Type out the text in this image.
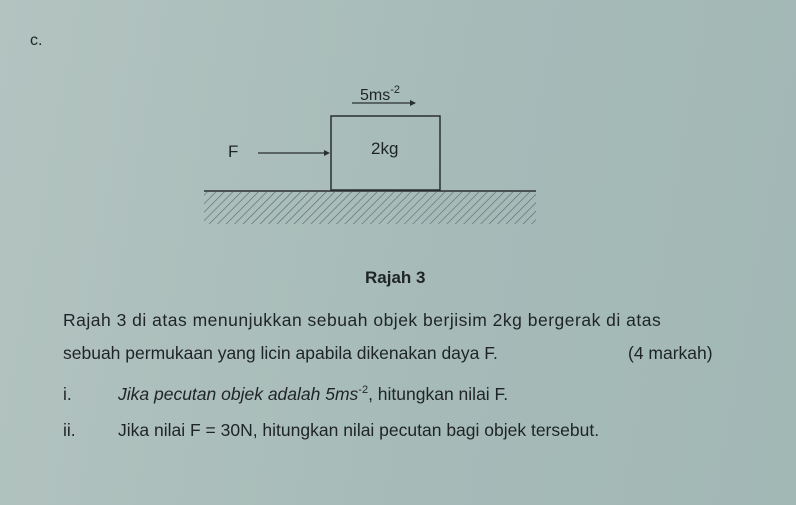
c.
$5ms^{-2}$
F	2kg
Rajah 3
Rajah 3 di atas menunjukkan sebuah objek berjisim 2kg bergerak di atas
sebuah permukaan yang licin apabila dikenakan daya F.	(4 markah)
i.	Jika pecutan objek adalah $5ms^{-2}$, hitungkan nilai F.
ii. Jika nilai F = 30N, hitungkan nilai pecutan bagi objek tersebut.
